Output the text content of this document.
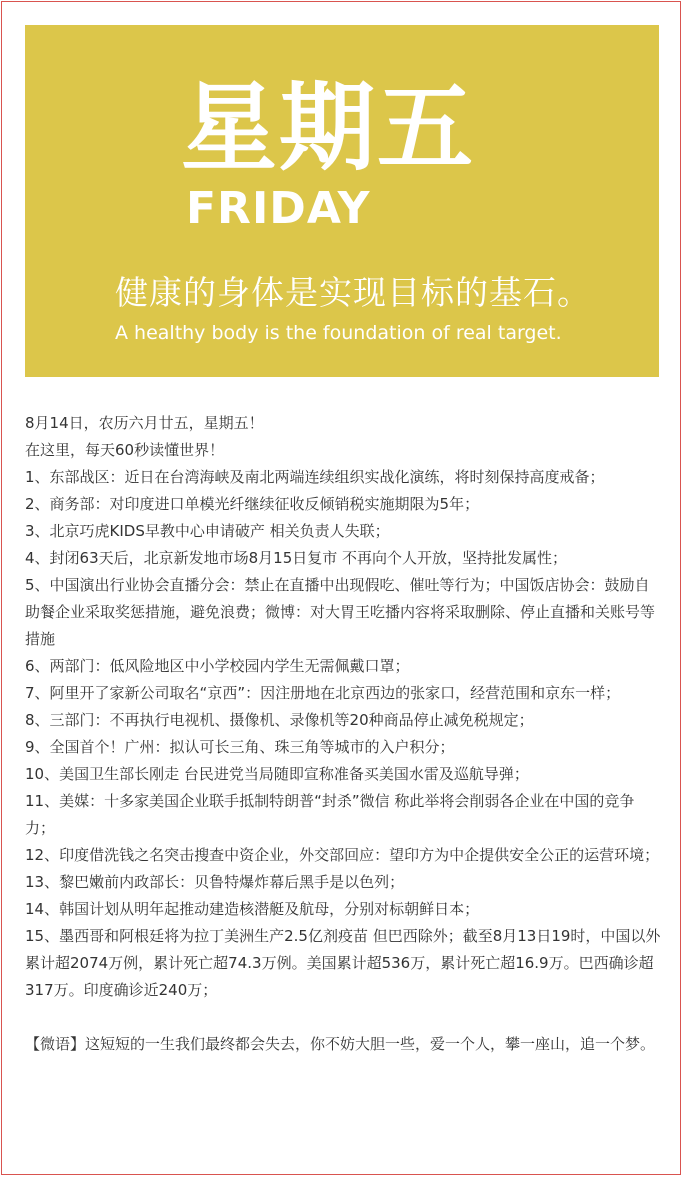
星期五
FRIDAY
健康的身体是实现目标的基石。
A healthy body is the foundation of real target.

8月14日，农历六月廿五，星期五！

在这里，每天60秒读懂世界！

1、东部战区：近日在台湾海峡及南北两端连续组织实战化演练，将时刻保持高度戒备；

2、商务部：对印度进口单模光纤继续征收反倾销税实施期限为5年；

3、北京巧虎KIDS早教中心申请破产 相关负责人失联；

4、封闭63天后，北京新发地市场8月15日复市 不再向个人开放，坚持批发属性；

5、中国演出行业协会直播分会：禁止在直播中出现假吃、催吐等行为；中国饭店协会：鼓励自助餐企业采取奖惩措施，避免浪费；微博：对大胃王吃播内容将采取删除、停止直播和关账号等措施

6、两部门：低风险地区中小学校园内学生无需佩戴口罩；

7、阿里开了家新公司取名“京西”：因注册地在北京西边的张家口，经营范围和京东一样；

8、三部门：不再执行电视机、摄像机、录像机等20种商品停止减免税规定；

9、全国首个！广州：拟认可长三角、珠三角等城市的入户积分；

10、美国卫生部长刚走 台民进党当局随即宣称准备买美国水雷及巡航导弹；

11、美媒：十多家美国企业联手抵制特朗普“封杀”微信 称此举将会削弱各企业在中国的竞争力；

12、印度借洗钱之名突击搜查中资企业，外交部回应：望印方为中企提供安全公正的运营环境；

13、黎巴嫩前内政部长：贝鲁特爆炸幕后黑手是以色列；

14、韩国计划从明年起推动建造核潜艇及航母，分别对标朝鲜日本；

15、墨西哥和阿根廷将为拉丁美洲生产2.5亿剂疫苗 但巴西除外；截至8月13日19时，中国以外累计超2074万例，累计死亡超74.3万例。美国累计超536万，累计死亡超16.9万。巴西确诊超317万。印度确诊近240万；

【微语】这短短的一生我们最终都会失去，你不妨大胆一些，爱一个人，攀一座山，追一个梦。
